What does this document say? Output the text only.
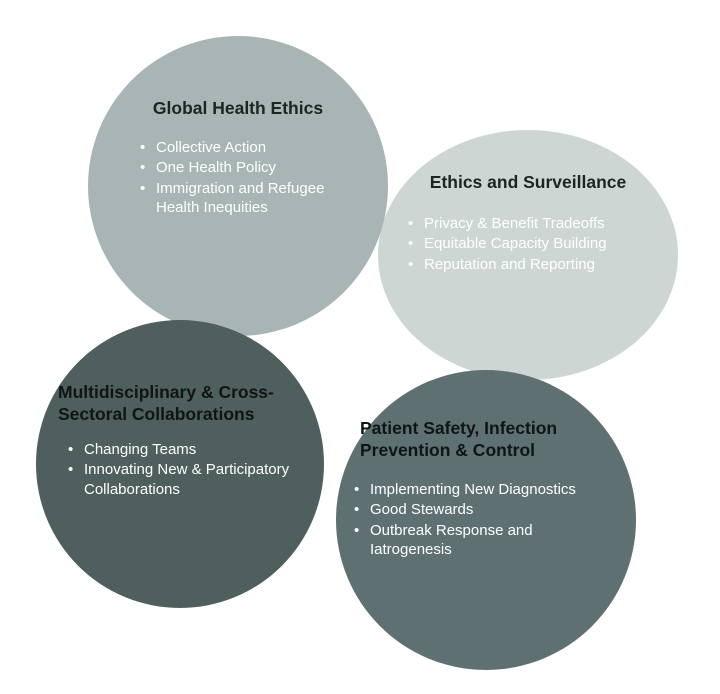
Global Health Ethics
• Collective Action
• One Health Policy
• Immigration and Refugee Health Inequities
Ethics and Surveillance
• Privacy & Benefit Tradeoffs
• Equitable Capacity Building
• Reputation and Reporting
Multidisciplinary & Cross-Sectoral Collaborations
• Changing Teams
• Innovating New & Participatory Collaborations
Patient Safety, Infection Prevention & Control
• Implementing New Diagnostics
• Good Stewards
• Outbreak Response and Iatrogenesis
